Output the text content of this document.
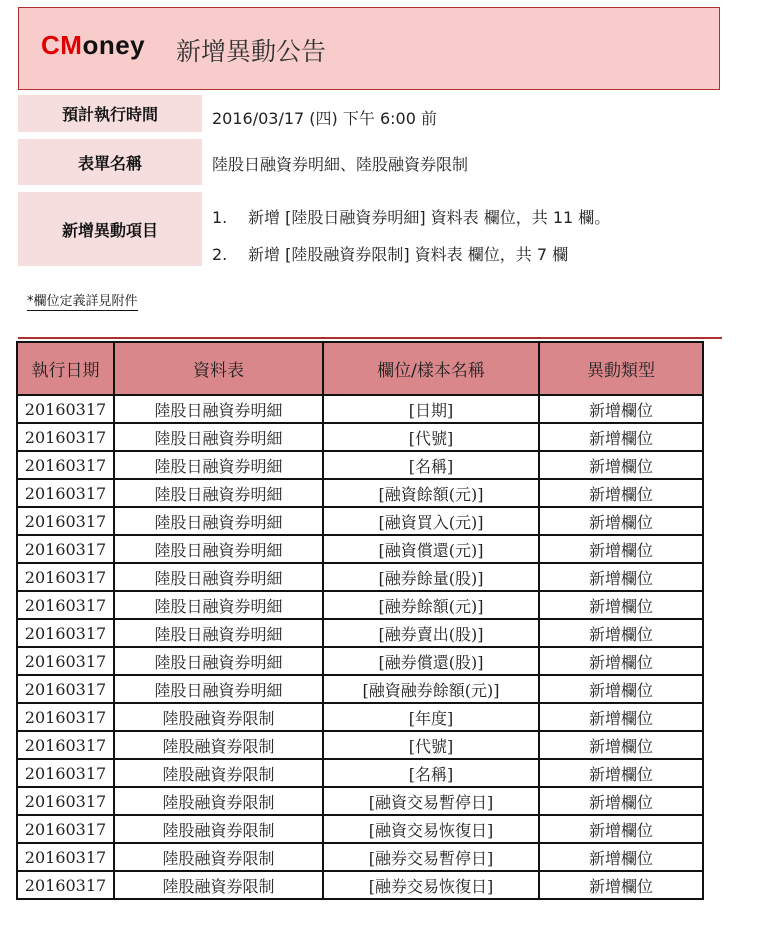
CMoney 新增異動公告
預計執行時間	2016/03/17 (四) 下午 6:00 前
表單名稱	陸股日融資券明細、陸股融資券限制
新增異動項目
1. 新增 [陸股日融資券明細] 資料表 欄位，共 11 欄。
2. 新增 [陸股融資券限制] 資料表 欄位，共 7 欄
*欄位定義詳見附件
執行日期	資料表	欄位/樣本名稱	異動類型
20160317	陸股日融資券明細	[日期]	新增欄位
20160317	陸股日融資券明細	[代號]	新增欄位
20160317	陸股日融資券明細	[名稱]	新增欄位
20160317	陸股日融資券明細	[融資餘額(元)]	新增欄位
20160317	陸股日融資券明細	[融資買入(元)]	新增欄位
20160317	陸股日融資券明細	[融資償還(元)]	新增欄位
20160317	陸股日融資券明細	[融券餘量(股)]	新增欄位
20160317	陸股日融資券明細	[融券餘額(元)]	新增欄位
20160317	陸股日融資券明細	[融券賣出(股)]	新增欄位
20160317	陸股日融資券明細	[融券償還(股)]	新增欄位
20160317	陸股日融資券明細	[融資融券餘額(元)]	新增欄位
20160317	陸股融資券限制	[年度]	新增欄位
20160317	陸股融資券限制	[代號]	新增欄位
20160317	陸股融資券限制	[名稱]	新增欄位
20160317	陸股融資券限制	[融資交易暫停日]	新增欄位
20160317	陸股融資券限制	[融資交易恢復日]	新增欄位
20160317	陸股融資券限制	[融券交易暫停日]	新增欄位
20160317	陸股融資券限制	[融券交易恢復日]	新增欄位
